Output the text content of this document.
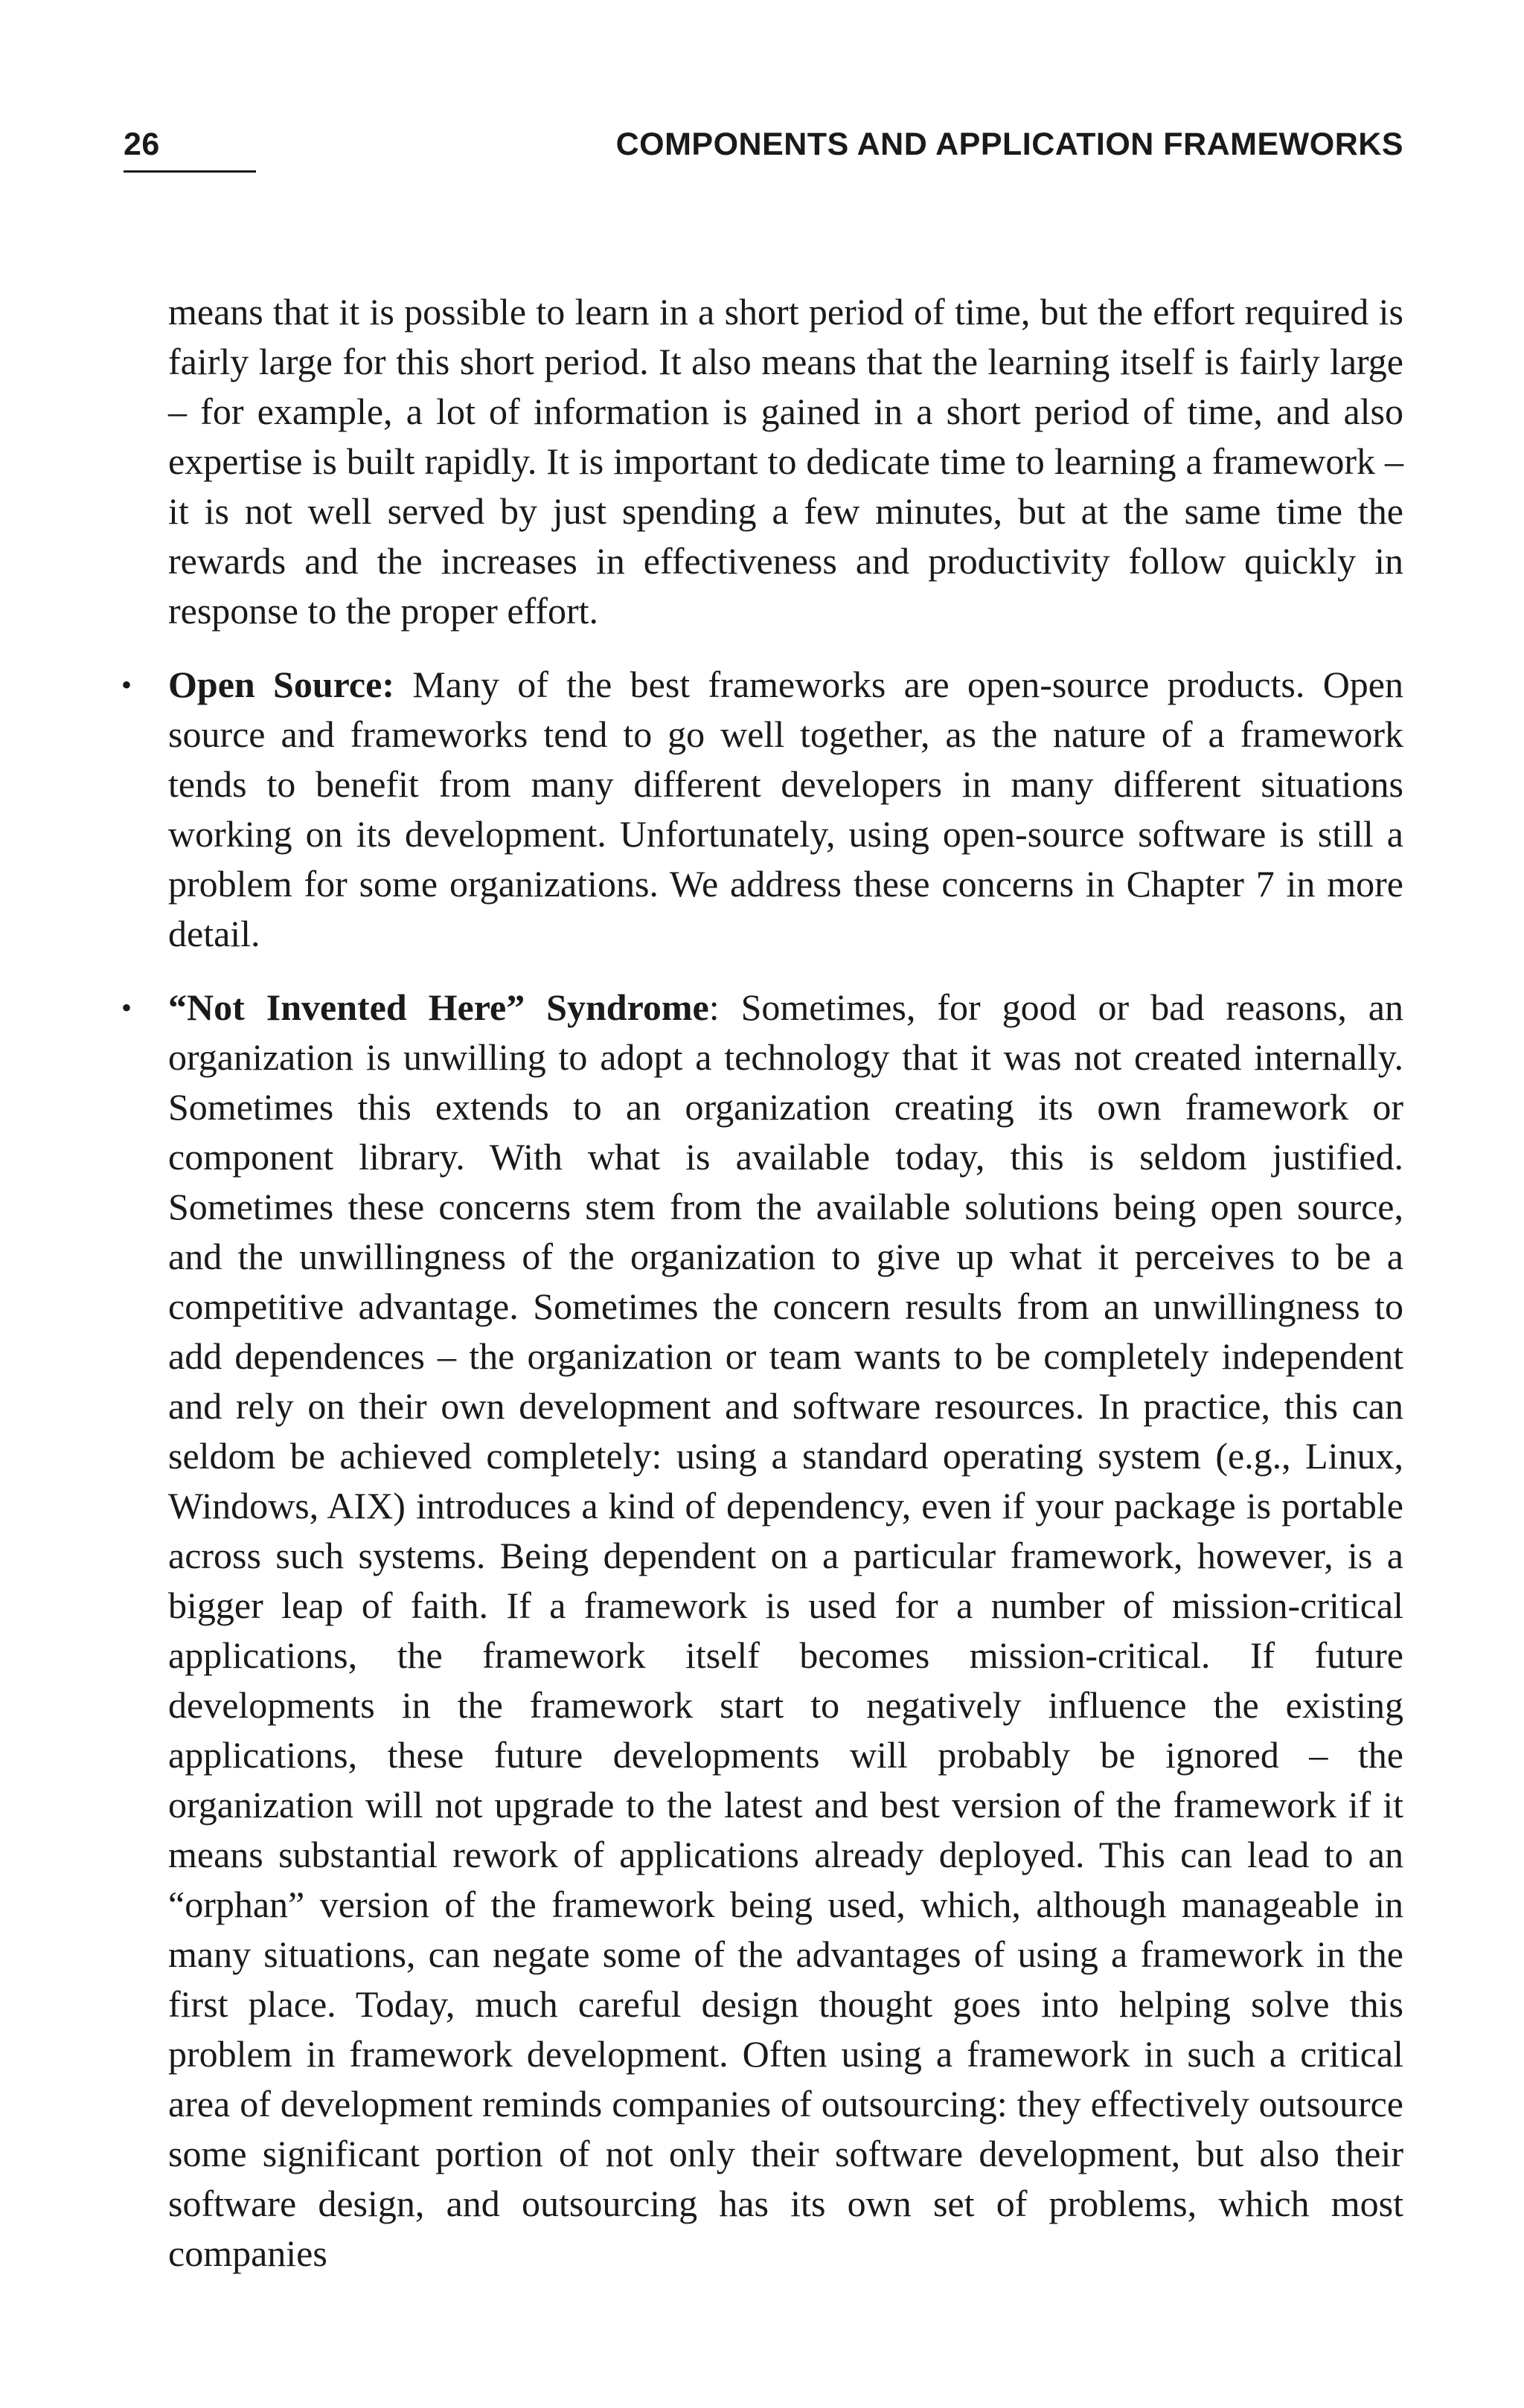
26	COMPONENTS AND APPLICATION FRAMEWORKS

means that it is possible to learn in a short period of time, but the effort required is fairly large for this short period. It also means that the learning itself is fairly large – for example, a lot of information is gained in a short period of time, and also expertise is built rapidly. It is important to dedicate time to learning a framework – it is not well served by just spending a few minutes, but at the same time the rewards and the increases in effectiveness and productivity follow quickly in response to the proper effort.

• Open Source: Many of the best frameworks are open-source products. Open source and frameworks tend to go well together, as the nature of a framework tends to benefit from many different developers in many different situations working on its development. Unfortunately, using open-source software is still a problem for some organizations. We address these concerns in Chapter 7 in more detail.

• “Not Invented Here” Syndrome: Sometimes, for good or bad reasons, an organization is unwilling to adopt a technology that it was not created internally. Sometimes this extends to an organization creating its own framework or component library. With what is available today, this is seldom justified. Sometimes these concerns stem from the available solutions being open source, and the unwillingness of the organization to give up what it perceives to be a competitive advantage. Sometimes the concern results from an unwillingness to add dependences – the organization or team wants to be completely independent and rely on their own development and software resources. In practice, this can seldom be achieved completely: using a standard operating system (e.g., Linux, Windows, AIX) introduces a kind of dependency, even if your package is portable across such systems. Being dependent on a particular framework, however, is a bigger leap of faith. If a framework is used for a number of mission-critical applications, the framework itself becomes mission-critical. If future developments in the framework start to negatively influence the existing applications, these future developments will probably be ignored – the organization will not upgrade to the latest and best version of the framework if it means substantial rework of applications already deployed. This can lead to an “orphan” version of the framework being used, which, although manageable in many situations, can negate some of the advantages of using a framework in the first place. Today, much careful design thought goes into helping solve this problem in framework development. Often using a framework in such a critical area of development reminds companies of outsourcing: they effectively outsource some significant portion of not only their software development, but also their software design, and outsourcing has its own set of problems, which most companies
